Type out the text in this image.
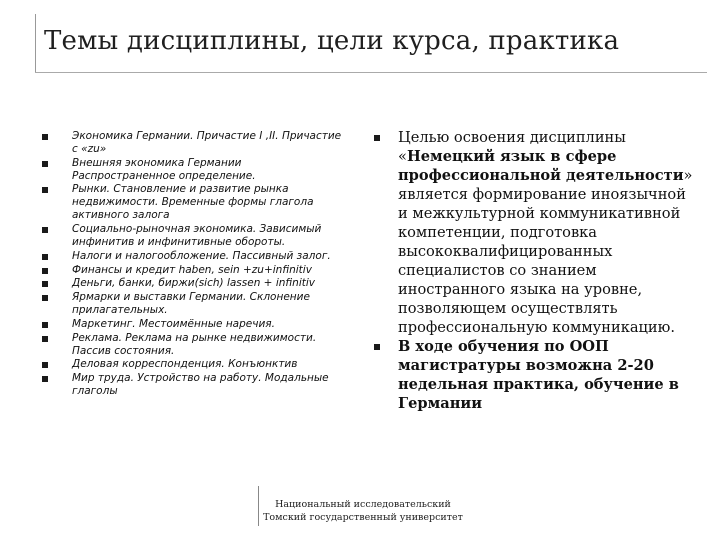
Темы дисциплины, цели курса, практика
Экономика Германии. Причастие I ,II. Причастие с «zu»
Внешняя экономика Германии Распространенное определение.
Рынки. Становление и развитие рынка недвижимости. Временные формы глагола активного залога
Социально-рыночная экономика. Зависимый инфинитив и инфинитивные обороты.
Налоги и налогообложение. Пассивный залог.
Финансы и кредит haben, sein +zu+infinitiv
Деньги, банки, биржи(sich) lassen + infinitiv
Ярмарки и выставки Германии. Склонение прилагательных.
Маркетинг. Местоимённые наречия.
Реклама. Реклама на рынке недвижимости. Пассив состояния.
Деловая корреспонденция. Конъюнктив
Мир труда. Устройство на работу. Модальные глаголы
Целью освоения дисциплины «Немецкий язык в сфере профессиональной деятельности» является формирование иноязычной и межкультурной коммуникативной компетенции, подготовка высококвалифицированных специалистов со знанием иностранного языка на уровне, позволяющем осуществлять профессиональную коммуникацию.
В ходе обучения по ООП магистратуры возможна 2-20 недельная практика, обучение в Германии
Национальный исследовательский
Томский государственный университет
